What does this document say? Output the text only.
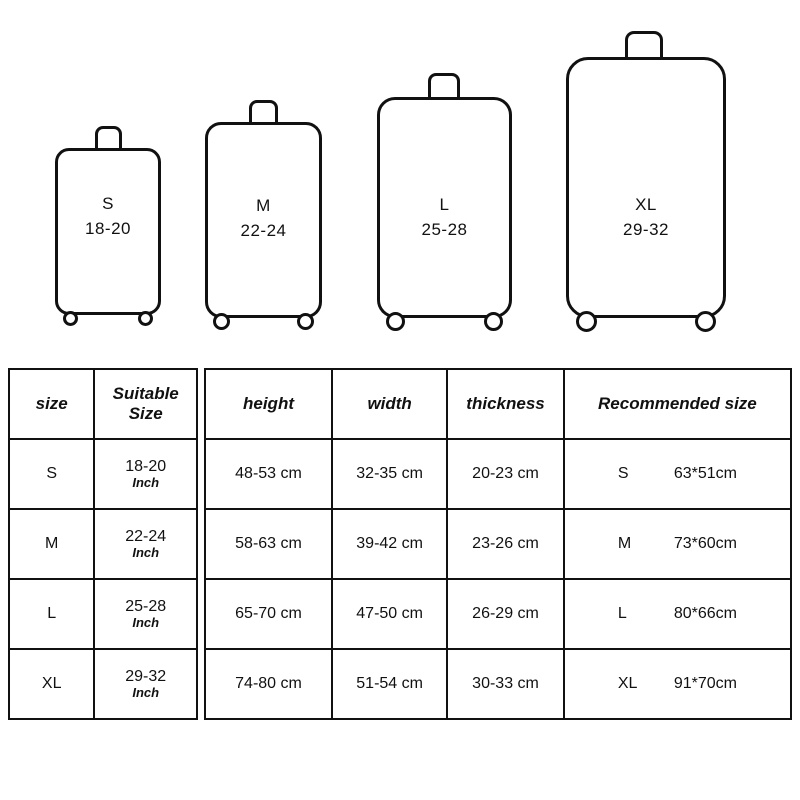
S
18-20
M
22-24
L
25-28
XL
29-32
size	Suitable Size
S	18-20
Inch

M	22-24
Inch

L	25-28
Inch

XL	29-32
Inch
height	width	thickness	Recommended size
48-53 cm	32-35 cm	20-23 cm	S 63*51cm

58-63 cm	39-42 cm	23-26 cm	M 73*60cm

65-70 cm	47-50 cm	26-29 cm	L 80*66cm

74-80 cm	51-54 cm	30-33 cm	XL 91*70cm
